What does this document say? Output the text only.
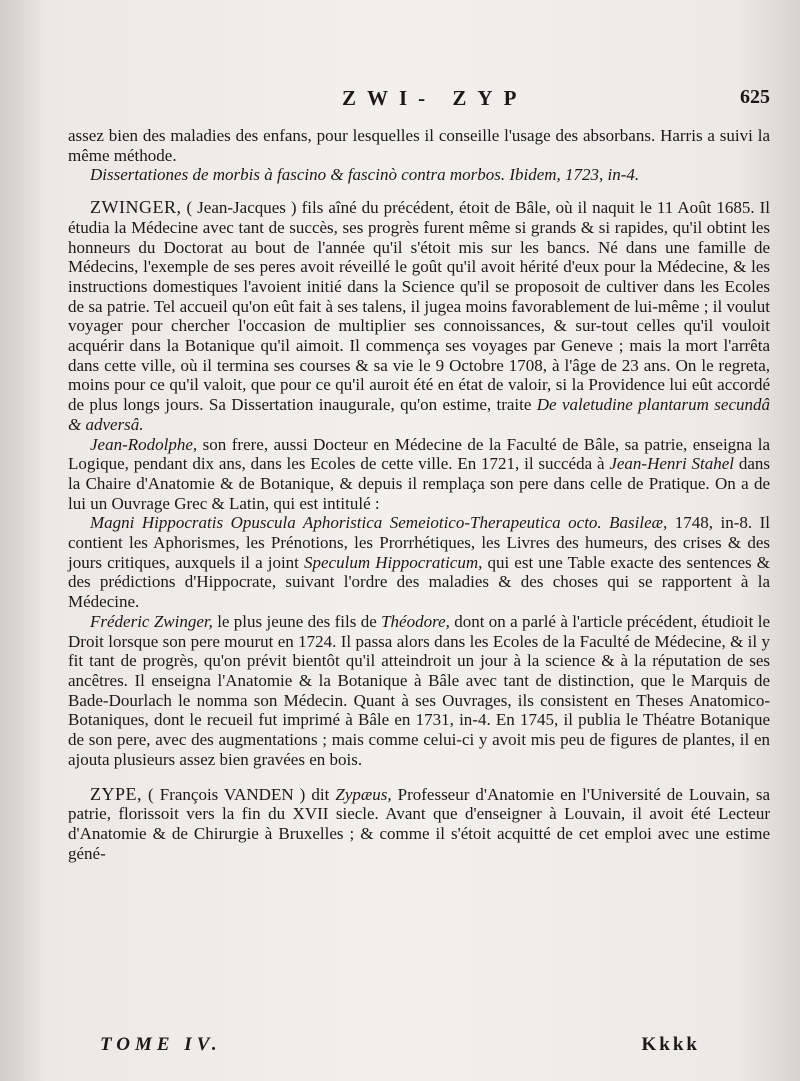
ZWI- ZYP	625

assez bien des maladies des enfans, pour lesquelles il conseille l'usage des absorbans. Harris a suivi la même méthode.

Dissertationes de morbis à fascino & fascinò contra morbos. Ibidem, 1723, in-4.

ZWINGER, ( Jean-Jacques ) fils aîné du précédent, étoit de Bâle, où il naquit le 11 Août 1685. Il étudia la Médecine avec tant de succès, ses progrès furent même si grands & si rapides, qu'il obtint les honneurs du Doctorat au bout de l'année qu'il s'étoit mis sur les bancs. Né dans une famille de Médecins, l'exemple de ses peres avoit réveillé le goût qu'il avoit hérité d'eux pour la Médecine, & les instructions domestiques l'avoient initié dans la Science qu'il se proposoit de cultiver dans les Ecoles de sa patrie. Tel accueil qu'on eût fait à ses talens, il jugea moins favorablement de lui-même ; il voulut voyager pour chercher l'occasion de multiplier ses connoissances, & sur-tout celles qu'il vouloit acquérir dans la Botanique qu'il aimoit. Il commença ses voyages par Geneve ; mais la mort l'arrêta dans cette ville, où il termina ses courses & sa vie le 9 Octobre 1708, à l'âge de 23 ans. On le regreta, moins pour ce qu'il valoit, que pour ce qu'il auroit été en état de valoir, si la Providence lui eût accordé de plus longs jours. Sa Dissertation inaugurale, qu'on estime, traite De valetudine plantarum secundâ & adversâ.

Jean-Rodolphe, son frere, aussi Docteur en Médecine de la Faculté de Bâle, sa patrie, enseigna la Logique, pendant dix ans, dans les Ecoles de cette ville. En 1721, il succéda à Jean-Henri Stahel dans la Chaire d'Anatomie & de Botanique, & depuis il remplaça son pere dans celle de Pratique. On a de lui un Ouvrage Grec & Latin, qui est intitulé :

Magni Hippocratis Opuscula Aphoristica Semeiotico-Therapeutica octo. Basileæ, 1748, in-8. Il contient les Aphorismes, les Prénotions, les Prorrhétiques, les Livres des humeurs, des crises & des jours critiques, auxquels il a joint Speculum Hippocraticum, qui est une Table exacte des sentences & des prédictions d'Hippocrate, suivant l'ordre des maladies & des choses qui se rapportent à la Médecine.

Fréderic Zwinger, le plus jeune des fils de Théodore, dont on a parlé à l'article précédent, étudioit le Droit lorsque son pere mourut en 1724. Il passa alors dans les Ecoles de la Faculté de Médecine, & il y fit tant de progrès, qu'on prévit bientôt qu'il atteindroit un jour à la science & à la réputation de ses ancêtres. Il enseigna l'Anatomie & la Botanique à Bâle avec tant de distinction, que le Marquis de Bade-Dourlach le nomma son Médecin. Quant à ses Ouvrages, ils consistent en Theses Anatomico-Botaniques, dont le recueil fut imprimé à Bâle en 1731, in-4. En 1745, il publia le Théatre Botanique de son pere, avec des augmentations ; mais comme celui-ci y avoit mis peu de figures de plantes, il en ajouta plusieurs assez bien gravées en bois.

ZYPE, ( François VANDEN ) dit Zypæus, Professeur d'Anatomie en l'Université de Louvain, sa patrie, florissoit vers la fin du XVII siecle. Avant que d'enseigner à Louvain, il avoit été Lecteur d'Anatomie & de Chirurgie à Bruxelles ; & comme il s'étoit acquitté de cet emploi avec une estime géné-

TOME IV.	Kkkk
